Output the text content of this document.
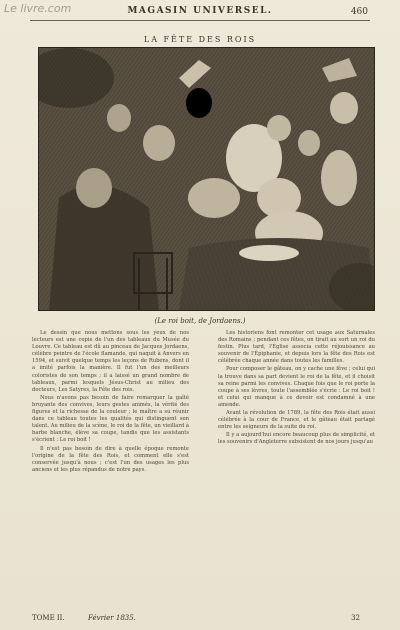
Le livre.com	MAGASIN UNIVERSEL.	460
LA FÊTE DES ROIS
(Le roi boit, de Jordaens.)

Le dessin que nous mettons sous les yeux de nos lecteurs est une copie de l'un des tableaux du Musée du Louvre. Ce tableau est dû au pinceau de Jacques Jordaens, célèbre peintre de l'école flamande, qui naquit à Anvers en 1594, et suivit quelque temps les leçons de Rubens, dont il a imité parfois la manière. Il fut l'un des meilleurs coloristes de son temps ; il a laissé un grand nombre de tableaux, parmi lesquels Jésus-Christ au milieu des docteurs, Les Satyres, la Fête des rois.

Nous n'avons pas besoin de faire remarquer la gaîté bruyante des convives, leurs gestes animés, la vérité des figures et la richesse de la couleur ; le maître a su réunir dans ce tableau toutes les qualités qui distinguent son talent. Au milieu de la scène, le roi de la fête, un vieillard à barbe blanche, élève sa coupe, tandis que les assistants s'écrient : Le roi boit !

Il n'est pas besoin de dire à quelle époque remonte l'origine de la fête des Rois, et comment elle s'est conservée jusqu'à nous ; c'est l'un des usages les plus anciens et les plus répandus de notre pays.

Les historiens font remonter cet usage aux Saturnales des Romains ; pendant ces fêtes, on tirait au sort un roi du festin. Plus tard, l'Église associa cette réjouissance au souvenir de l'Épiphanie, et depuis lors la fête des Rois est célébrée chaque année dans toutes les familles.

Pour composer le gâteau, on y cache une fève ; celui qui la trouve dans sa part devient le roi de la fête, et il choisit sa reine parmi les convives. Chaque fois que le roi porte la coupe à ses lèvres, toute l'assemblée s'écrie : Le roi boit ! et celui qui manque à ce devoir est condamné à une amende.

Avant la révolution de 1789, la fête des Rois était aussi célébrée à la cour de France, et le gâteau était partagé entre les seigneurs de la suite du roi.

Il y a aujourd'hui encore beaucoup plus de simplicité, et les souvenirs d'Angleterre subsistent de nos jours jusqu'au

TOME II.	Février 1835.	32
